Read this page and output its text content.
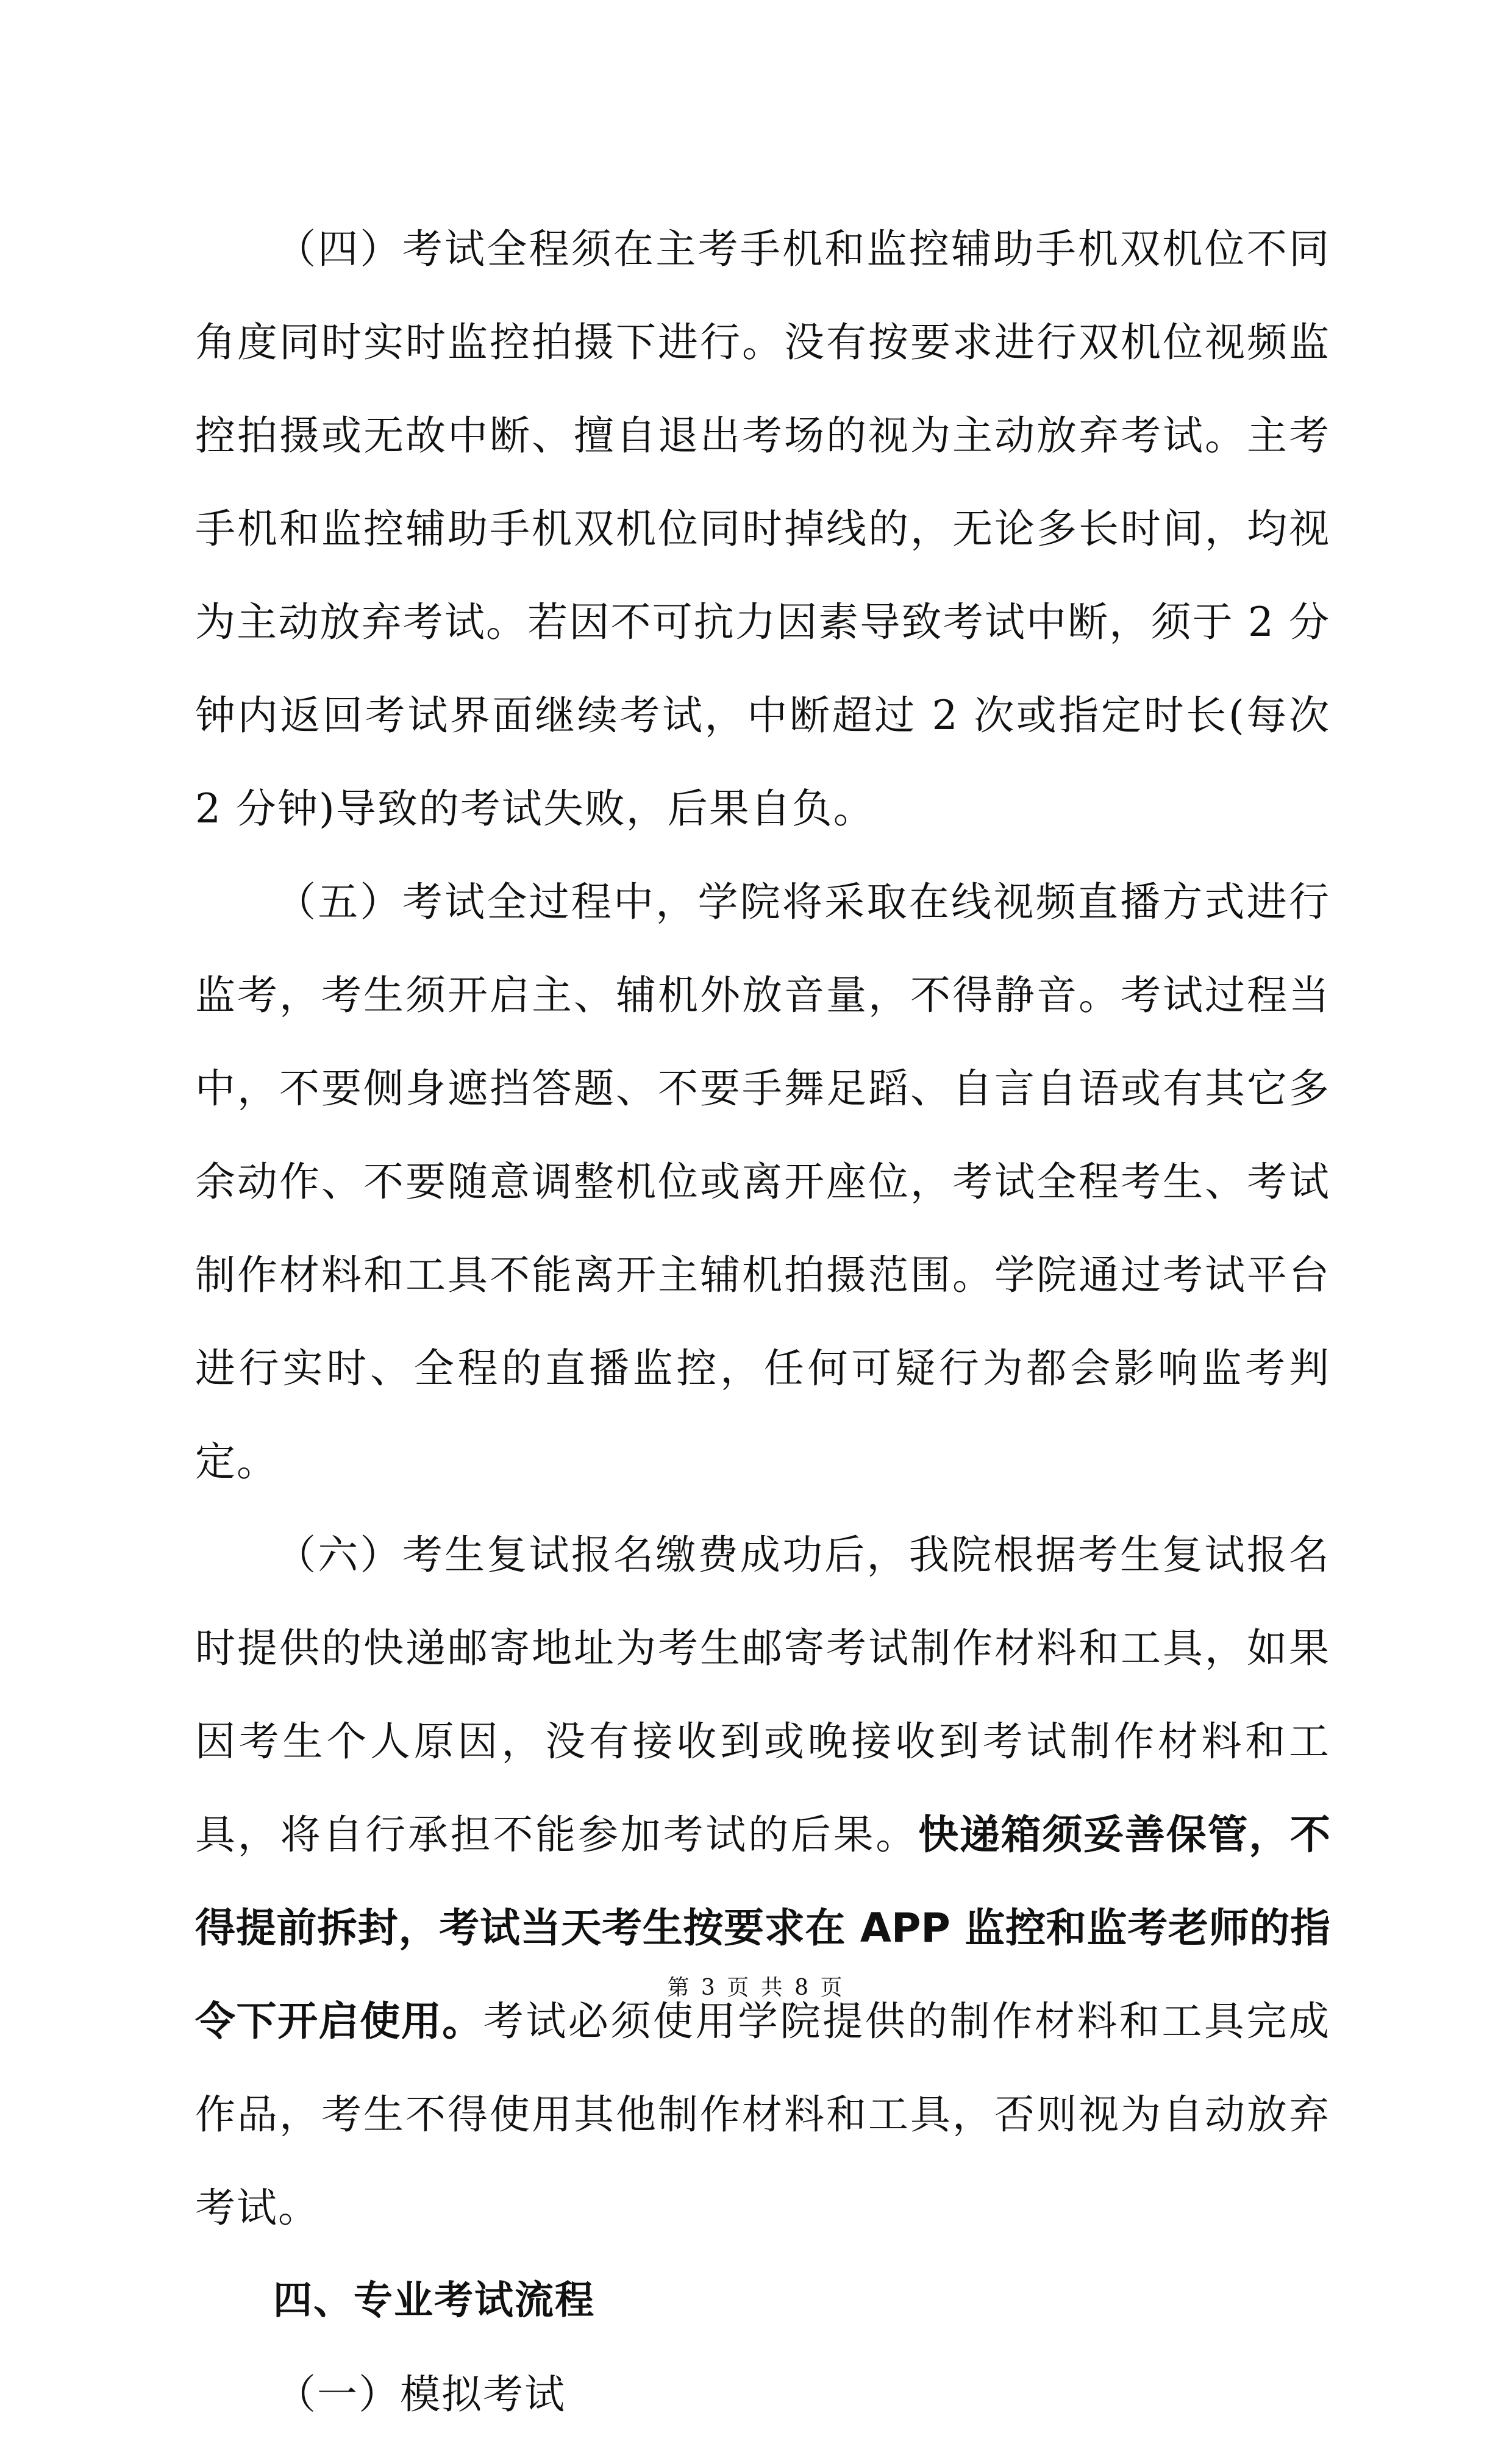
（四）考试全程须在主考手机和监控辅助手机双机位不同角度同时实时监控拍摄下进行。没有按要求进行双机位视频监控拍摄或无故中断、擅自退出考场的视为主动放弃考试。主考手机和监控辅助手机双机位同时掉线的，无论多长时间，均视为主动放弃考试。若因不可抗力因素导致考试中断，须于 2 分钟内返回考试界面继续考试，中断超过 2 次或指定时长(每次 2 分钟)导致的考试失败，后果自负。

（五）考试全过程中，学院将采取在线视频直播方式进行监考，考生须开启主、辅机外放音量，不得静音。考试过程当中，不要侧身遮挡答题、不要手舞足蹈、自言自语或有其它多余动作、不要随意调整机位或离开座位，考试全程考生、考试制作材料和工具不能离开主辅机拍摄范围。学院通过考试平台进行实时、全程的直播监控，任何可疑行为都会影响监考判定。

（六）考生复试报名缴费成功后，我院根据考生复试报名时提供的快递邮寄地址为考生邮寄考试制作材料和工具，如果因考生个人原因，没有接收到或晚接收到考试制作材料和工具，将自行承担不能参加考试的后果。快递箱须妥善保管，不得提前拆封，考试当天考生按要求在 APP 监控和监考老师的指令下开启使用。考试必须使用学院提供的制作材料和工具完成作品，考生不得使用其他制作材料和工具，否则视为自动放弃考试。

四、专业考试流程

（一）模拟考试

第 3 页 共 8 页
